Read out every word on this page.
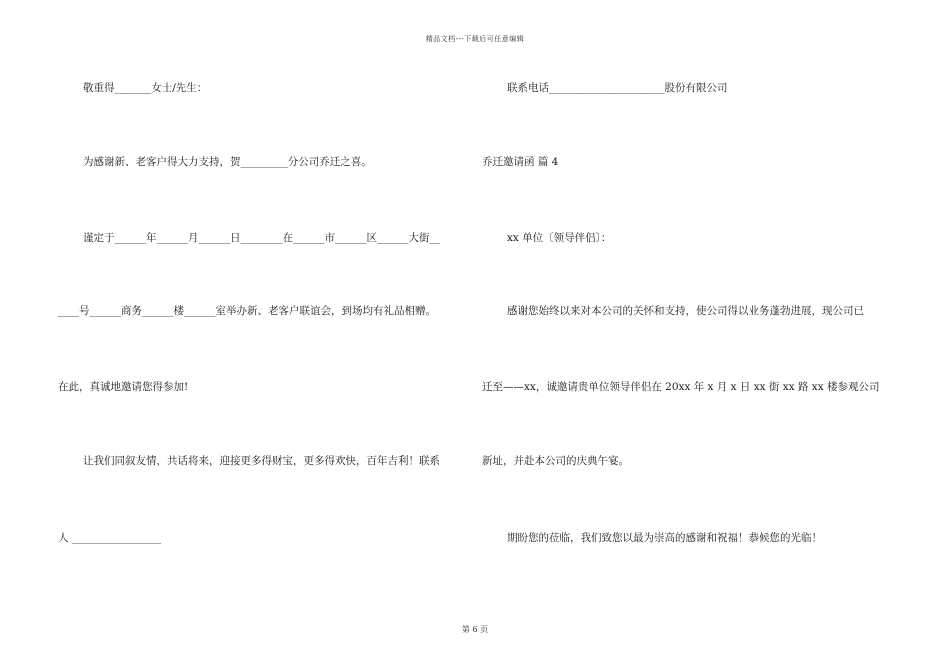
精品文档---下载后可任意编辑
敬重得_______女士/先生：
为感谢新、老客户得大力支持，贺_________分公司乔迁之喜。
谨定于______年______月______日________在______市______区______大街__
____号______商务______楼______室举办新、老客户联谊会，到场均有礼品相赠。
在此，真诚地邀请您得参加!
让我们同叙友情，共话将来，迎接更多得财宝，更多得欢快，百年吉利！联系
人 _________________
联系电话______________________股份有限公司
乔迁邀请函 篇 4
xx 单位〔领导伴侣〕：
感谢您始终以来对本公司的关怀和支持，使公司得以业务蓬勃进展，现公司已
迁至——xx，诚邀请贵单位领导伴侣在 20xx 年 x 月 x 日 xx 街 xx 路 xx 楼参观公司
新址，并赴本公司的庆典午宴。
期盼您的莅临，我们致您以最为崇高的感谢和祝福！恭候您的光临！
第 6 页
